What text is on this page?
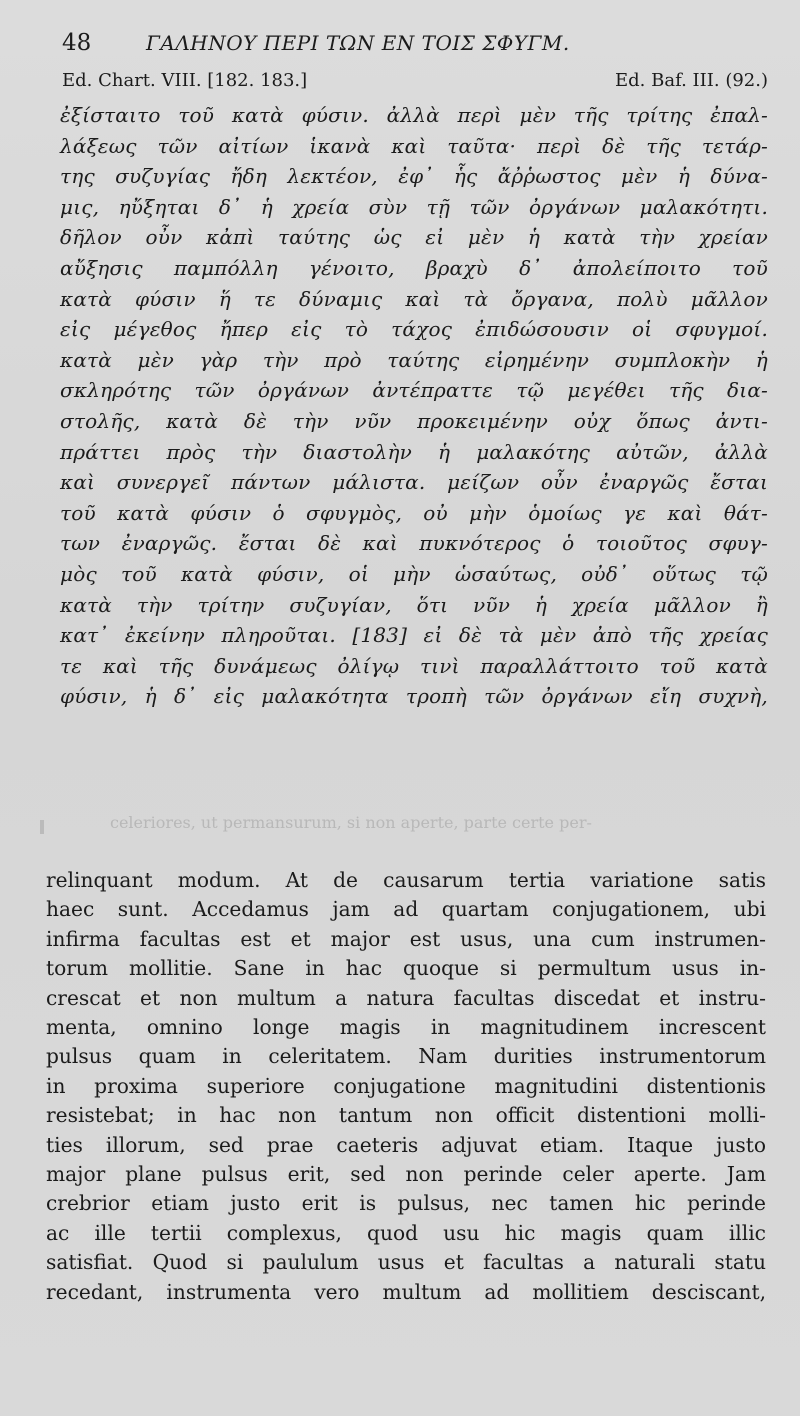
48	ΓΑΛΗΝΟΥ ΠΕΡΙ ΤΩΝ ΕΝ ΤΟΙΣ ΣΦΥΓΜ.
Ed. Chart. VIII. [182. 183.]	Ed. Baf. III. (92.)
ἐξίσταιτο τοῦ κατὰ φύσιν. ἀλλὰ περὶ μὲν τῆς τρίτης ἐπαλ-
λάξεως τῶν αἰτίων ἱκανὰ καὶ ταῦτα· περὶ δὲ τῆς τετάρ-
της συζυγίας ἤδη λεκτέον, ἐφ᾽ ἧς ἄῤῥωστος μὲν ἡ δύνα-
μις, ηὔξηται δ᾽ ἡ χρεία σὺν τῇ τῶν ὀργάνων μαλακότητι.
δῆλον οὖν κἀπὶ ταύτης ὡς εἰ μὲν ἡ κατὰ τὴν χρείαν
αὔξησις παμπόλλη γένοιτο, βραχὺ δ᾽ ἀπολείποιτο τοῦ
κατὰ φύσιν ἥ τε δύναμις καὶ τὰ ὄργανα, πολὺ μᾶλλον
εἰς μέγεθος ἤπερ εἰς τὸ τάχος ἐπιδώσουσιν οἱ σφυγμοί.
κατὰ μὲν γὰρ τὴν πρὸ ταύτης εἰρημένην συμπλοκὴν ἡ
σκληρότης τῶν ὀργάνων ἀντέπραττε τῷ μεγέθει τῆς δια-
στολῆς, κατὰ δὲ τὴν νῦν προκειμένην οὐχ ὅπως ἀντι-
πράττει πρὸς τὴν διαστολὴν ἡ μαλακότης αὐτῶν, ἀλλὰ
καὶ συνεργεῖ πάντων μάλιστα. μείζων οὖν ἐναργῶς ἔσται
τοῦ κατὰ φύσιν ὁ σφυγμὸς, οὐ μὴν ὁμοίως γε καὶ θάτ-
των ἐναργῶς. ἔσται δὲ καὶ πυκνότερος ὁ τοιοῦτος σφυγ-
μὸς τοῦ κατὰ φύσιν, οἱ μὴν ὡσαύτως, οὐδ᾽ οὕτως τῷ
κατὰ τὴν τρίτην συζυγίαν, ὅτι νῦν ἡ χρεία μᾶλλον ἢ
κατ᾽ ἐκείνην πληροῦται. [183] εἰ δὲ τὰ μὲν ἀπὸ τῆς χρείας
τε καὶ τῆς δυνάμεως ὀλίγῳ τινὶ παραλλάττοιτο τοῦ κατὰ
φύσιν, ἡ δ᾽ εἰς μαλακότητα τροπὴ τῶν ὀργάνων εἴη συχνὴ,
celeriores, ut permansurum, si non aperte, parte certe per-
relinquant modum. At de causarum tertia variatione satis
haec sunt. Accedamus jam ad quartam conjugationem, ubi
infirma facultas est et major est usus, una cum instrumen-
torum mollitie. Sane in hac quoque si permultum usus in-
crescat et non multum a natura facultas discedat et instru-
menta, omnino longe magis in magnitudinem increscent
pulsus quam in celeritatem. Nam durities instrumentorum
in proxima superiore conjugatione magnitudini distentionis
resistebat; in hac non tantum non officit distentioni molli-
ties illorum, sed prae caeteris adjuvat etiam. Itaque justo
major plane pulsus erit, sed non perinde celer aperte. Jam
crebrior etiam justo erit is pulsus, nec tamen hic perinde
ac ille tertii complexus, quod usu hic magis quam illic
satisfiat. Quod si paululum usus et facultas a naturali statu
recedant, instrumenta vero multum ad mollitiem desciscant,
